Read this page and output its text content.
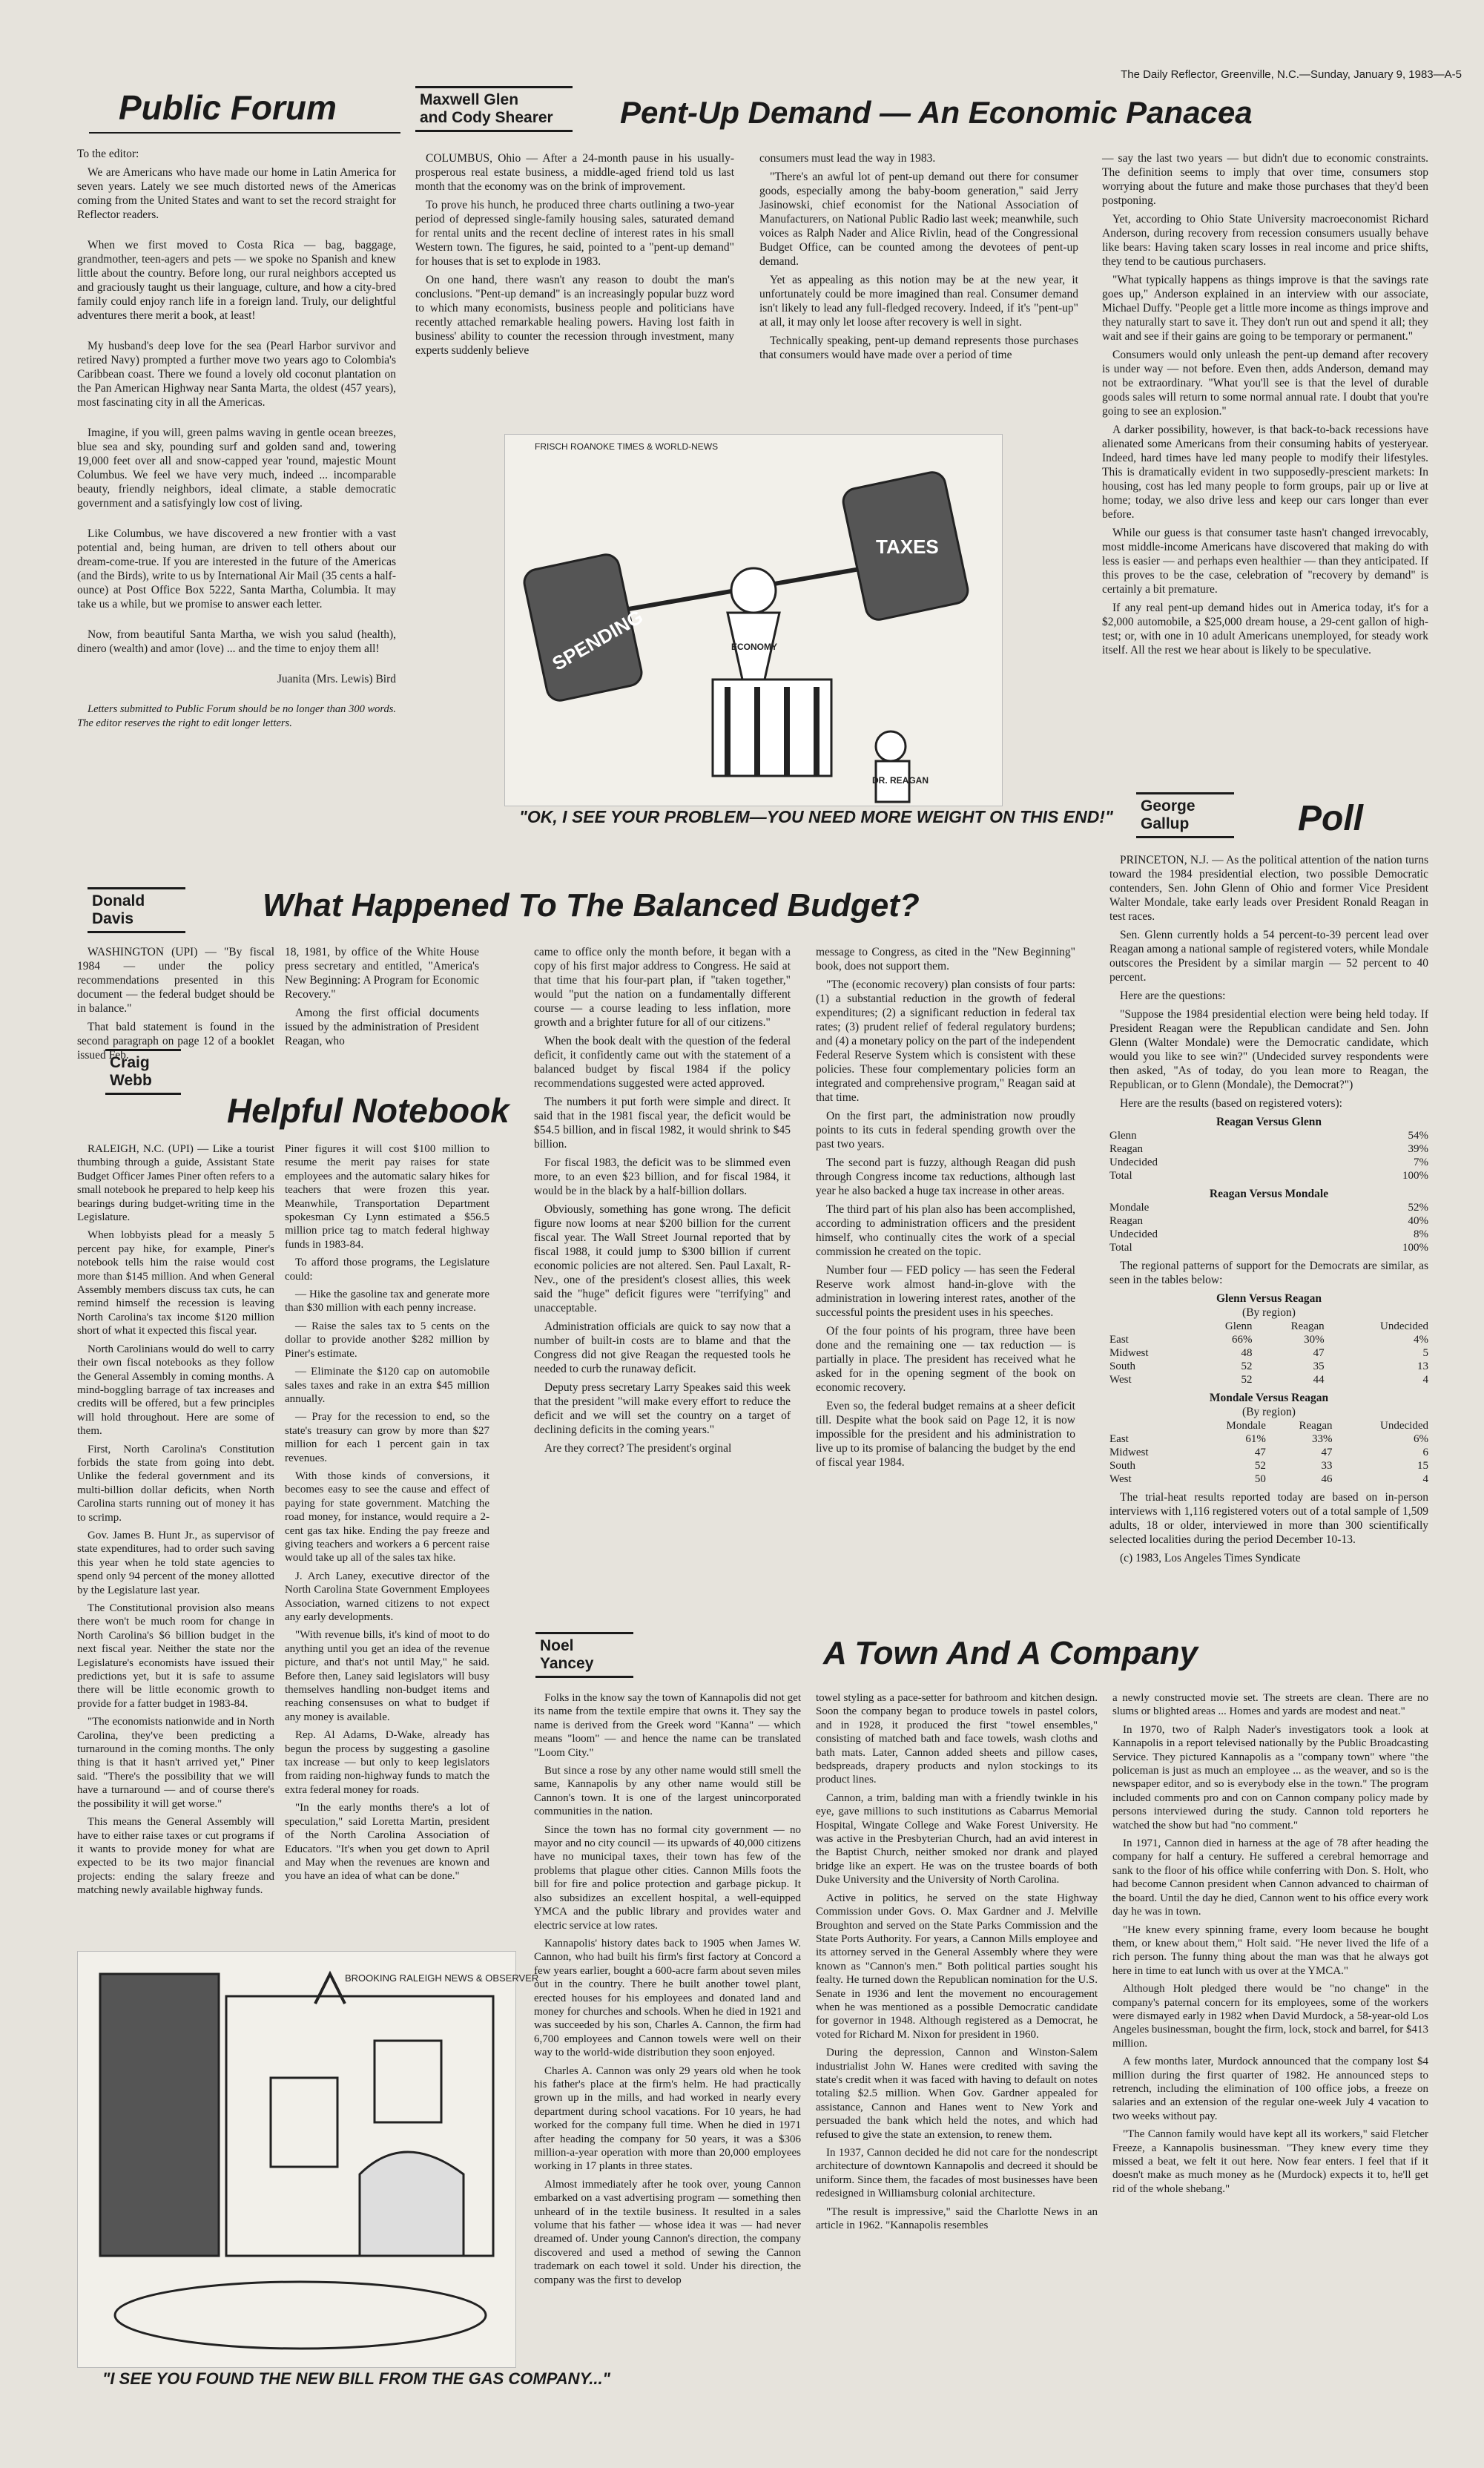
The Daily Reflector, Greenville, N.C.—Sunday, January 9, 1983—A-5
Public Forum

To the editor:

We are Americans who have made our home in Latin America for seven years. Lately we see much distorted news of the Americas coming from the United States and want to set the record straight for Reflector readers.

When we first moved to Costa Rica — bag, baggage, grandmother, teen-agers and pets — we spoke no Spanish and knew little about the country. Before long, our rural neighbors accepted us and graciously taught us their language, culture, and how a city-bred family could enjoy ranch life in a foreign land. Truly, our delightful adventures there merit a book, at least!

My husband's deep love for the sea (Pearl Harbor survivor and retired Navy) prompted a further move two years ago to Colombia's Caribbean coast. There we found a lovely old coconut plantation on the Pan American Highway near Santa Marta, the oldest (457 years), most fascinating city in all the Americas.

Imagine, if you will, green palms waving in gentle ocean breezes, blue sea and sky, pounding surf and golden sand and, towering 19,000 feet over all and snow-capped year 'round, majestic Mount Columbus. We feel we have very much, indeed ... incomparable beauty, friendly neighbors, ideal climate, a stable democratic government and a satisfyingly low cost of living.

Like Columbus, we have discovered a new frontier with a vast potential and, being human, are driven to tell others about our dream-come-true. If you are interested in the future of the Americas (and the Birds), write to us by International Air Mail (35 cents a half-ounce) at Post Office Box 5222, Santa Martha, Columbia. It may take us a while, but we promise to answer each letter.

Now, from beautiful Santa Martha, we wish you salud (health), dinero (wealth) and amor (love) ... and the time to enjoy them all!

Juanita (Mrs. Lewis) Bird

Letters submitted to Public Forum should be no longer than 300 words. The editor reserves the right to edit longer letters.

Maxwell Glen
and Cody Shearer	Pent-Up Demand — An Economic Panacea

COLUMBUS, Ohio — After a 24-month pause in his usually-prosperous real estate business, a middle-aged friend told us last month that the economy was on the brink of improvement.

To prove his hunch, he produced three charts outlining a two-year period of depressed single-family housing sales, saturated demand for rental units and the recent decline of interest rates in his small Western town. The figures, he said, pointed to a "pent-up demand" for houses that is set to explode in 1983.

On one hand, there wasn't any reason to doubt the man's conclusions. "Pent-up demand" is an increasingly popular buzz word to which many economists, business people and politicians have recently attached remarkable healing powers. Having lost faith in business' ability to counter the recession through investment, many experts suddenly believe

consumers must lead the way in 1983.

"There's an awful lot of pent-up demand out there for consumer goods, especially among the baby-boom generation," said Jerry Jasinowski, chief economist for the National Association of Manufacturers, on National Public Radio last week; meanwhile, such voices as Ralph Nader and Alice Rivlin, head of the Congressional Budget Office, can be counted among the devotees of pent-up demand.

Yet as appealing as this notion may be at the new year, it unfortunately could be more imagined than real. Consumer demand isn't likely to lead any full-fledged recovery. Indeed, if it's "pent-up" at all, it may only let loose after recovery is well in sight.

Technically speaking, pent-up demand represents those purchases that consumers would have made over a period of time

— say the last two years — but didn't due to economic constraints. The definition seems to imply that over time, consumers stop worrying about the future and make those purchases that they'd been postponing.

Yet, according to Ohio State University macroeconomist Richard Anderson, during recovery from recession consumers usually behave like bears: Having taken scary losses in real income and price shifts, they tend to be cautious purchasers.

"What typically happens as things improve is that the savings rate goes up," Anderson explained in an interview with our associate, Michael Duffy. "People get a little more income as things improve and they naturally start to save it. They don't run out and spend it all; they wait and see if their gains are going to be temporary or permanent."

Consumers would only unleash the pent-up demand after recovery is under way — not before. Even then, adds Anderson, demand may not be extraordinary. "What you'll see is that the level of durable goods sales will return to some normal annual rate. I doubt that you're going to see an explosion."

A darker possibility, however, is that back-to-back recessions have alienated some Americans from their consuming habits of yesteryear. Indeed, hard times have led many people to modify their lifestyles. This is dramatically evident in two supposedly-prescient markets: In housing, cost has led many people to form groups, pair up or live at home; today, we also drive less and keep our cars longer than ever before.

While our guess is that consumer taste hasn't changed irrevocably, most middle-income Americans have discovered that making do with less is easier — and perhaps even healthier — than they anticipated. If this proves to be the case, celebration of "recovery by demand" is certainly a bit premature.

If any real pent-up demand hides out in America today, it's for a $2,000 automobile, a $25,000 dream house, a 29-cent gallon of high-test; or, with one in 10 adult Americans unemployed, for steady work itself. All the rest we hear about is likely to be speculative.

FRISCH ROANOKE TIMES & WORLD-NEWS
SPENDING
TAXES
ECONOMY
DR. REAGAN
"OK, I SEE YOUR PROBLEM—YOU NEED MORE WEIGHT ON THIS END!"
George
Gallup	Poll

PRINCETON, N.J. — As the political attention of the nation turns toward the 1984 presidential election, two possible Democratic contenders, Sen. John Glenn of Ohio and former Vice President Walter Mondale, take early leads over President Ronald Reagan in test races.

Sen. Glenn currently holds a 54 percent-to-39 percent lead over Reagan among a national sample of registered voters, while Mondale outscores the President by a similar margin — 52 percent to 40 percent.

Here are the questions:

"Suppose the 1984 presidential election were being held today. If President Reagan were the Republican candidate and Sen. John Glenn (Walter Mondale) were the Democratic candidate, which would you like to see win?" (Undecided survey respondents were then asked, "As of today, do you lean more to Reagan, the Republican, or to Glenn (Mondale), the Democrat?")

Here are the results (based on registered voters):

Reagan Versus Glenn
Glenn	54%
Reagan	39%
Undecided	7%
Total	100%
Reagan Versus Mondale
Mondale	52%
Reagan	40%
Undecided	8%
Total	100%

The regional patterns of support for the Democrats are similar, as seen in the tables below:

Glenn Versus Reagan
(By region)
	Glenn	Reagan	Undecided
East	66%	30%	4%
Midwest	48	47	5
South	52	35	13
West	52	44	4
Mondale Versus Reagan
(By region)
	Mondale	Reagan	Undecided
East	61%	33%	6%
Midwest	47	47	6
South	52	33	15
West	50	46	4

The trial-heat results reported today are based on in-person interviews with 1,116 registered voters out of a total sample of 1,509 adults, 18 or older, interviewed in more than 300 scientifically selected localities during the period December 10-13.

(c) 1983, Los Angeles Times Syndicate

Donald
Davis	What Happened To The Balanced Budget?

WASHINGTON (UPI) — "By fiscal 1984 — under the policy recommendations presented in this document — the federal budget should be in balance."

That bald statement is found in the second paragraph on page 12 of a booklet issued Feb.

18, 1981, by office of the White House press secretary and entitled, "America's New Beginning: A Program for Economic Recovery."

Among the first official documents issued by the administration of President Reagan, who

came to office only the month before, it began with a copy of his first major address to Congress. He said at that time that his four-part plan, if "taken together," would "put the nation on a fundamentally different course — a course leading to less inflation, more growth and a brighter future for all of our citizens."

When the book dealt with the question of the federal deficit, it confidently came out with the statement of a balanced budget by fiscal 1984 if the policy recommendations suggested were acted approved.

The numbers it put forth were simple and direct. It said that in the 1981 fiscal year, the deficit would be $54.5 billion, and in fiscal 1982, it would shrink to $45 billion.

For fiscal 1983, the deficit was to be slimmed even more, to an even $23 billion, and for fiscal 1984, it would be in the black by a half-billion dollars.

Obviously, something has gone wrong. The deficit figure now looms at near $200 billion for the current fiscal year. The Wall Street Journal reported that by fiscal 1988, it could jump to $300 billion if current economic policies are not altered. Sen. Paul Laxalt, R-Nev., one of the president's closest allies, this week said the "huge" deficit figures were "terrifying" and unacceptable.

Administration officials are quick to say now that a number of built-in costs are to blame and that the Congress did not give Reagan the requested tools he needed to curb the runaway deficit.

Deputy press secretary Larry Speakes said this week that the president "will make every effort to reduce the deficit and we will set the country on a target of declining deficits in the coming years."

Are they correct? The president's orginal

message to Congress, as cited in the "New Beginning" book, does not support them.

"The (economic recovery) plan consists of four parts: (1) a substantial reduction in the growth of federal expenditures; (2) a significant reduction in federal tax rates; (3) prudent relief of federal regulatory burdens; and (4) a monetary policy on the part of the independent Federal Reserve System which is consistent with these policies. These four complementary policies form an integrated and comprehensive program," Reagan said at that time.

On the first part, the administration now proudly points to its cuts in federal spending growth over the past two years.

The second part is fuzzy, although Reagan did push through Congress income tax reductions, although last year he also backed a huge tax increase in other areas.

The third part of his plan also has been accomplished, according to administration officers and the president himself, who continually cites the work of a special commission he created on the topic.

Number four — FED policy — has seen the Federal Reserve work almost hand-in-glove with the administration in lowering interest rates, another of the successful points the president uses in his speeches.

Of the four points of his program, three have been done and the remaining one — tax reduction — is partially in place. The president has received what he asked for in the opening segment of the book on economic recovery.

Even so, the federal budget remains at a sheer deficit till. Despite what the book said on Page 12, it is now impossible for the president and his administration to live up to its promise of balancing the budget by the end of fiscal year 1984.

Craig
Webb
Helpful Notebook

RALEIGH, N.C. (UPI) — Like a tourist thumbing through a guide, Assistant State Budget Officer James Piner often refers to a small notebook he prepared to help keep his bearings during budget-writing time in the Legislature.

When lobbyists plead for a measly 5 percent pay hike, for example, Piner's notebook tells him the raise would cost more than $145 million. And when General Assembly members discuss tax cuts, he can remind himself the recession is leaving North Carolina's tax income $120 million short of what it expected this fiscal year.

North Carolinians would do well to carry their own fiscal notebooks as they follow the General Assembly in coming months. A mind-boggling barrage of tax increases and credits will be offered, but a few principles will hold throughout. Here are some of them.

First, North Carolina's Constitution forbids the state from going into debt. Unlike the federal government and its multi-billion dollar deficits, when North Carolina starts running out of money it has to scrimp.

Gov. James B. Hunt Jr., as supervisor of state expenditures, had to order such saving this year when he told state agencies to spend only 94 percent of the money allotted by the Legislature last year.

The Constitutional provision also means there won't be much room for change in North Carolina's $6 billion budget in the next fiscal year. Neither the state nor the Legislature's economists have issued their predictions yet, but it is safe to assume there will be little economic growth to provide for a fatter budget in 1983-84.

"The economists nationwide and in North Carolina, they've been predicting a turnaround in the coming months. The only thing is that it hasn't arrived yet," Piner said. "There's the possibility that we will have a turnaround — and of course there's the possibility it will get worse."

This means the General Assembly will have to either raise taxes or cut programs if it wants to provide money for what are expected to be its two major financial projects: ending the salary freeze and matching newly available highway funds.

Piner figures it will cost $100 million to resume the merit pay raises for state employees and the automatic salary hikes for teachers that were frozen this year. Meanwhile, Transportation Department spokesman Cy Lynn estimated a $56.5 million price tag to match federal highway funds in 1983-84.

To afford those programs, the Legislature could:

— Hike the gasoline tax and generate more than $30 million with each penny increase.

— Raise the sales tax to 5 cents on the dollar to provide another $282 million by Piner's estimate.

— Eliminate the $120 cap on automobile sales taxes and rake in an extra $45 million annually.

— Pray for the recession to end, so the state's treasury can grow by more than $27 million for each 1 percent gain in tax revenues.

With those kinds of conversions, it becomes easy to see the cause and effect of paying for state government. Matching the road money, for instance, would require a 2-cent gas tax hike. Ending the pay freeze and giving teachers and workers a 6 percent raise would take up all of the sales tax hike.

J. Arch Laney, executive director of the North Carolina State Government Employees Association, warned citizens to not expect any early developments.

"With revenue bills, it's kind of moot to do anything until you get an idea of the revenue picture, and that's not until May," he said. Before then, Laney said legislators will busy themselves handling non-budget items and reaching consensuses on what to budget if any money is available.

Rep. Al Adams, D-Wake, already has begun the process by suggesting a gasoline tax increase — but only to keep legislators from raiding non-highway funds to match the extra federal money for roads.

"In the early months there's a lot of speculation," said Loretta Martin, president of the North Carolina Association of Educators. "It's when you get down to April and May when the revenues are known and you have an idea of what can be done."

BROOKING RALEIGH NEWS & OBSERVER
"I SEE YOU FOUND THE NEW BILL FROM THE GAS COMPANY..."
Noel
Yancey	A Town And A Company

Folks in the know say the town of Kannapolis did not get its name from the textile empire that owns it. They say the name is derived from the Greek word "Kanna" — which means "loom" — and hence the name can be translated "Loom City."

But since a rose by any other name would still smell the same, Kannapolis by any other name would still be Cannon's town. It is one of the largest unincorporated communities in the nation.

Since the town has no formal city government — no mayor and no city council — its upwards of 40,000 citizens have no municipal taxes, their town has few of the problems that plague other cities. Cannon Mills foots the bill for fire and police protection and garbage pickup. It also subsidizes an excellent hospital, a well-equipped YMCA and the public library and provides water and electric service at low rates.

Kannapolis' history dates back to 1905 when James W. Cannon, who had built his firm's first factory at Concord a few years earlier, bought a 600-acre farm about seven miles out in the country. There he built another towel plant, erected houses for his employees and donated land and money for churches and schools. When he died in 1921 and was succeeded by his son, Charles A. Cannon, the firm had 6,700 employees and Cannon towels were well on their way to the world-wide distribution they soon enjoyed.

Charles A. Cannon was only 29 years old when he took his father's place at the firm's helm. He had practically grown up in the mills, and had worked in nearly every department during school vacations. For 10 years, he had worked for the company full time. When he died in 1971 after heading the company for 50 years, it was a $306 million-a-year operation with more than 20,000 employees working in 17 plants in three states.

Almost immediately after he took over, young Cannon embarked on a vast advertising program — something then unheard of in the textile business. It resulted in a sales volume that his father — whose idea it was — had never dreamed of. Under young Cannon's direction, the company discovered and used a method of sewing the Cannon trademark on each towel it sold. Under his direction, the company was the first to develop

towel styling as a pace-setter for bathroom and kitchen design. Soon the company began to produce towels in pastel colors, and in 1928, it produced the first "towel ensembles," consisting of matched bath and face towels, wash cloths and bath mats. Later, Cannon added sheets and pillow cases, bedspreads, drapery products and nylon stockings to its product lines.

Cannon, a trim, balding man with a friendly twinkle in his eye, gave millions to such institutions as Cabarrus Memorial Hospital, Wingate College and Wake Forest University. He was active in the Presbyterian Church, had an avid interest in the Baptist Church, neither smoked nor drank and played bridge like an expert. He was on the trustee boards of both Duke University and the University of North Carolina.

Active in politics, he served on the state Highway Commission under Govs. O. Max Gardner and J. Melville Broughton and served on the State Parks Commission and the State Ports Authority. For years, a Cannon Mills employee and its attorney served in the General Assembly where they were known as "Cannon's men." Both political parties sought his fealty. He turned down the Republican nomination for the U.S. Senate in 1936 and lent the movement no encouragement when he was mentioned as a possible Democratic candidate for governor in 1948. Although registered as a Democrat, he voted for Richard M. Nixon for president in 1960.

During the depression, Cannon and Winston-Salem industrialist John W. Hanes were credited with saving the state's credit when it was faced with having to default on notes totaling $2.5 million. When Gov. Gardner appealed for assistance, Cannon and Hanes went to New York and persuaded the bank which held the notes, and which had refused to give the state an extension, to renew them.

In 1937, Cannon decided he did not care for the nondescript architecture of downtown Kannapolis and decreed it should be uniform. Since them, the facades of most businesses have been redesigned in Williamsburg colonial architecture.

"The result is impressive," said the Charlotte News in an article in 1962. "Kannapolis resembles

a newly constructed movie set. The streets are clean. There are no slums or blighted areas ... Homes and yards are modest and neat."

In 1970, two of Ralph Nader's investigators took a look at Kannapolis in a report televised nationally by the Public Broadcasting Service. They pictured Kannapolis as a "company town" where "the policeman is just as much an employee ... as the weaver, and so is the newspaper editor, and so is everybody else in the town." The program included comments pro and con on Cannon company policy made by persons interviewed during the study. Cannon told reporters he watched the show but had "no comment."

In 1971, Cannon died in harness at the age of 78 after heading the company for half a century. He suffered a cerebral hemorrage and sank to the floor of his office while conferring with Don. S. Holt, who had become Cannon president when Cannon advanced to chairman of the board. Until the day he died, Cannon went to his office every work day he was in town.

"He knew every spinning frame, every loom because he bought them, or knew about them," Holt said. "He never lived the life of a rich person. The funny thing about the man was that he always got here in time to eat lunch with us over at the YMCA."

Although Holt pledged there would be "no change" in the company's paternal concern for its employees, some of the workers were dismayed early in 1982 when David Murdock, a 58-year-old Los Angeles businessman, bought the firm, lock, stock and barrel, for $413 million.

A few months later, Murdock announced that the company lost $4 million during the first quarter of 1982. He announced steps to retrench, including the elimination of 100 office jobs, a freeze on salaries and an extension of the regular one-week July 4 vacation to two weeks without pay.

"The Cannon family would have kept all its workers," said Fletcher Freeze, a Kannapolis businessman. "They knew every time they missed a beat, we felt it out here. Now fear enters. I feel that if it doesn't make as much money as he (Murdock) expects it to, he'll get rid of the whole shebang."
